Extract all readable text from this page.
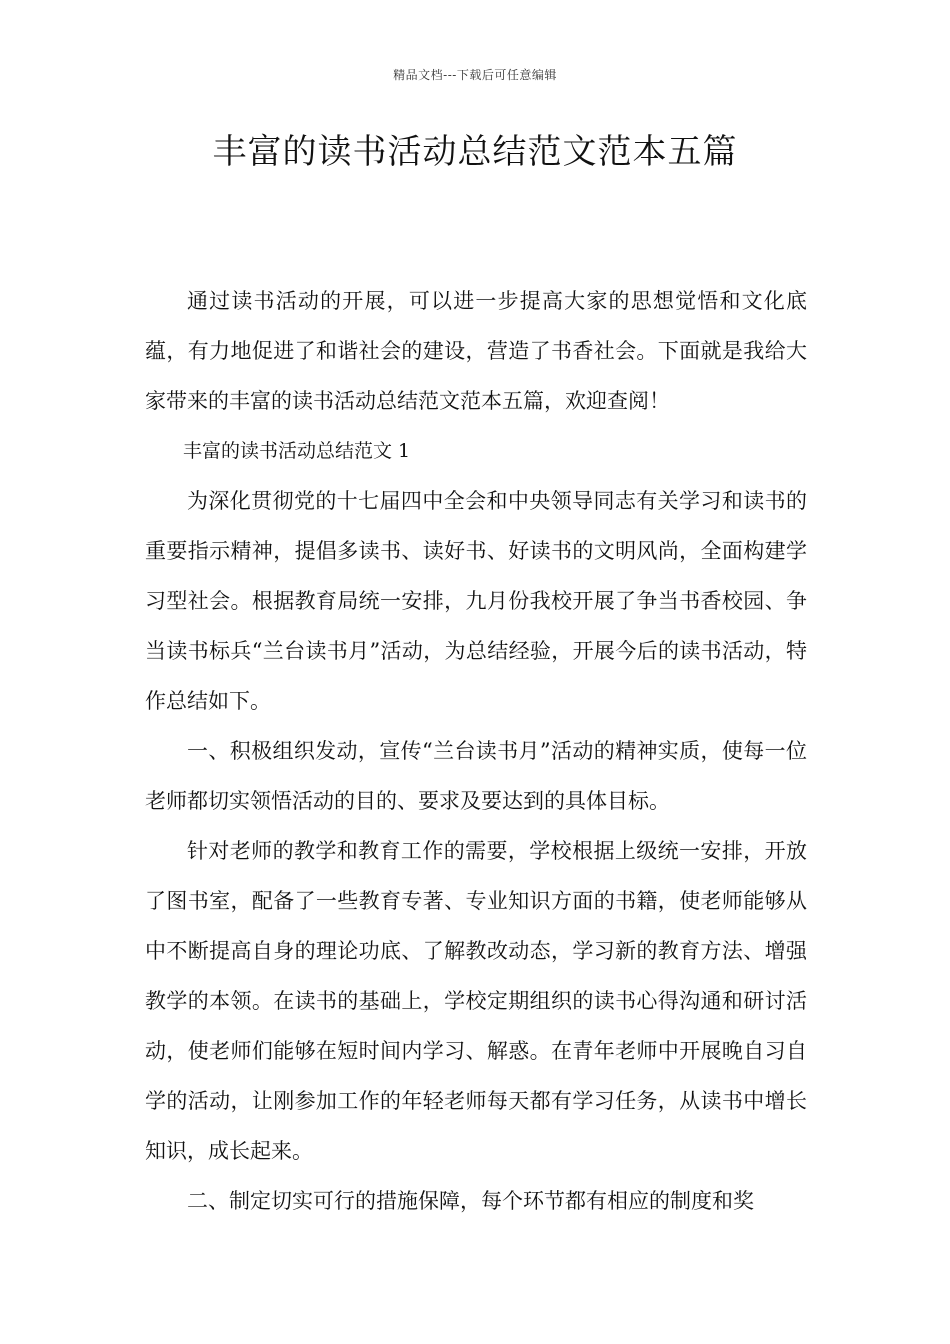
精品文档---下载后可任意编辑
丰富的读书活动总结范文范本五篇

通过读书活动的开展，可以进一步提高大家的思想觉悟和文化底蕴，有力地促进了和谐社会的建设，营造了书香社会。下面就是我给大家带来的丰富的读书活动总结范文范本五篇，欢迎查阅！

丰富的读书活动总结范文 1

为深化贯彻党的十七届四中全会和中央领导同志有关学习和读书的重要指示精神，提倡多读书、读好书、好读书的文明风尚，全面构建学习型社会。根据教育局统一安排，九月份我校开展了争当书香校园、争当读书标兵“兰台读书月”活动，为总结经验，开展今后的读书活动，特作总结如下。

一、积极组织发动，宣传“兰台读书月”活动的精神实质，使每一位老师都切实领悟活动的目的、要求及要达到的具体目标。

针对老师的教学和教育工作的需要，学校根据上级统一安排，开放了图书室，配备了一些教育专著、专业知识方面的书籍，使老师能够从中不断提高自身的理论功底、了解教改动态，学习新的教育方法、增强教学的本领。在读书的基础上，学校定期组织的读书心得沟通和研讨活动，使老师们能够在短时间内学习、解惑。在青年老师中开展晚自习自学的活动，让刚参加工作的年轻老师每天都有学习任务，从读书中增长知识，成长起来。

二、制定切实可行的措施保障，每个环节都有相应的制度和奖
